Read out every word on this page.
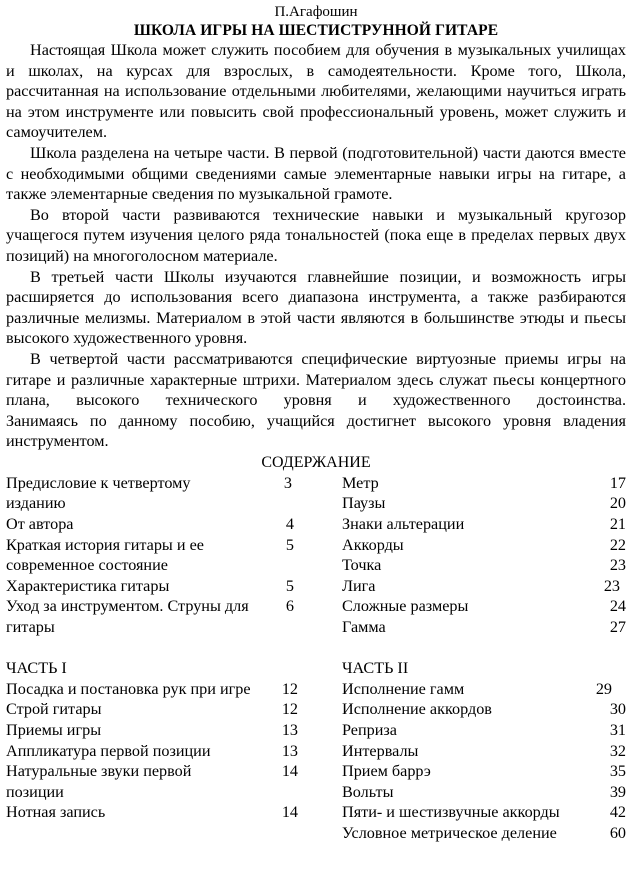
П.Агафошин
ШКОЛА ИГРЫ НА ШЕСТИСТРУННОЙ ГИТАРЕ

Настоящая Школа может служить пособием для обучения в музыкальных училищах и школах, на курсах для взрослых, в самодеятельности. Кроме того, Школа, рассчитанная на использование отдельными любителями, желающими научиться играть на этом инструменте или повысить свой профессиональный уровень, может служить и самоучителем.

Школа разделена на четыре части. В первой (подготовительной) части даются вместе с необходимыми общими сведениями самые элементарные навыки игры на гитаре, а также элементарные сведения по музыкальной грамоте.

Во второй части развиваются технические навыки и музыкальный кругозор учащегося путем изучения целого ряда тональностей (пока еще в пределах первых двух позиций) на многоголосном материале.

В третьей части Школы изучаются главнейшие позиции, и возможность игры расширяется до использования всего диапазона инструмента, а также разбираются различные мелизмы. Материалом в этой части являются в большинстве этюды и пьесы высокого художественного уровня.

В четвертой части рассматриваются специфические виртуозные приемы игры на гитаре и различные характерные штрихи. Материалом здесь служат пьесы концертного плана, высокого технического уровня и художественного достоинства.

Занимаясь по данному пособию, учащийся достигнет высокого уровня владения инструментом.

СОДЕРЖАНИЕ
Предисловие к четвертому изданию
3
От автора	4
Краткая история гитары и ее современное состояние
5
Характеристика гитары	5
Уход за инструментом. Струны для гитары
6
ЧАСТЬ I
Посадка и постановка рук при игре 12
Строй гитары	12
Приемы игры	13
Аппликатура первой позиции	13
Натуральные звуки первой позиции
14
Нотная запись	14
Метр	17
Паузы	20
Знаки альтерации	21
Аккорды	22
Точка	23
Лига	23
Сложные размеры	24
Гамма	27
ЧАСТЬ II
Исполнение гамм	29
Исполнение аккордов	30
Реприза	31
Интервалы	32
Прием баррэ	35
Вольты	39
Пяти- и шестизвучные аккорды	42
Условное метрическое деление	60
